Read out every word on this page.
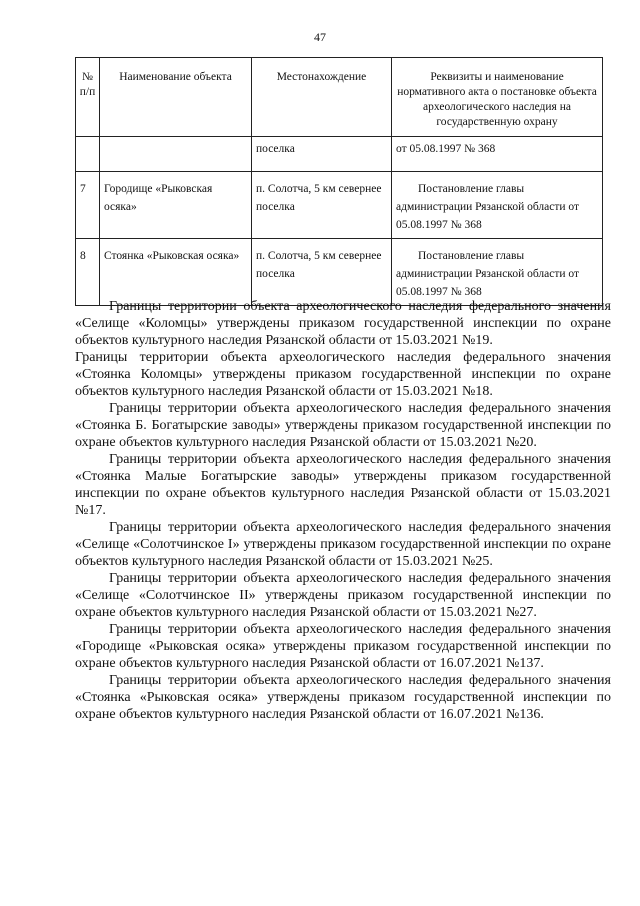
47
№ п/п	Наименование объекта	Местонахождение	Реквизиты и наименование нормативного акта о постановке объекта археологического наследия на государственную охрану
		поселка	от 05.08.1997 № 368
7	Городище «Рыковская осяка»	п. Солотча, 5 км севернее поселка	Постановление главы администрации Рязанской области от 05.08.1997 № 368
8	Стоянка «Рыковская осяка»	п. Солотча, 5 км севернее поселка	Постановление главы администрации Рязанской области от 05.08.1997 № 368

Границы территории объекта археологического наследия федерального значения «Селище «Коломцы» утверждены приказом государственной инспекции по охране объектов культурного наследия Рязанской области от 15.03.2021 №19.

Границы территории объекта археологического наследия федерального значения «Стоянка Коломцы» утверждены приказом государственной инспекции по охране объектов культурного наследия Рязанской области от 15.03.2021 №18.

Границы территории объекта археологического наследия федерального значения «Стоянка Б. Богатырские заводы» утверждены приказом государственной инспекции по охране объектов культурного наследия Рязанской области от 15.03.2021 №20.

Границы территории объекта археологического наследия федерального значения «Стоянка Малые Богатырские заводы» утверждены приказом государственной инспекции по охране объектов культурного наследия Рязанской области от 15.03.2021 №17.

Границы территории объекта археологического наследия федерального значения «Селище «Солотчинское I» утверждены приказом государственной инспекции по охране объектов культурного наследия Рязанской области от 15.03.2021 №25.

Границы территории объекта археологического наследия федерального значения «Селище «Солотчинское II» утверждены приказом государственной инспекции по охране объектов культурного наследия Рязанской области от 15.03.2021 №27.

Границы территории объекта археологического наследия федерального значения «Городище «Рыковская осяка» утверждены приказом государственной инспекции по охране объектов культурного наследия Рязанской области от 16.07.2021 №137.

Границы территории объекта археологического наследия федерального значения «Стоянка «Рыковская осяка» утверждены приказом государственной инспекции по охране объектов культурного наследия Рязанской области от 16.07.2021 №136.
